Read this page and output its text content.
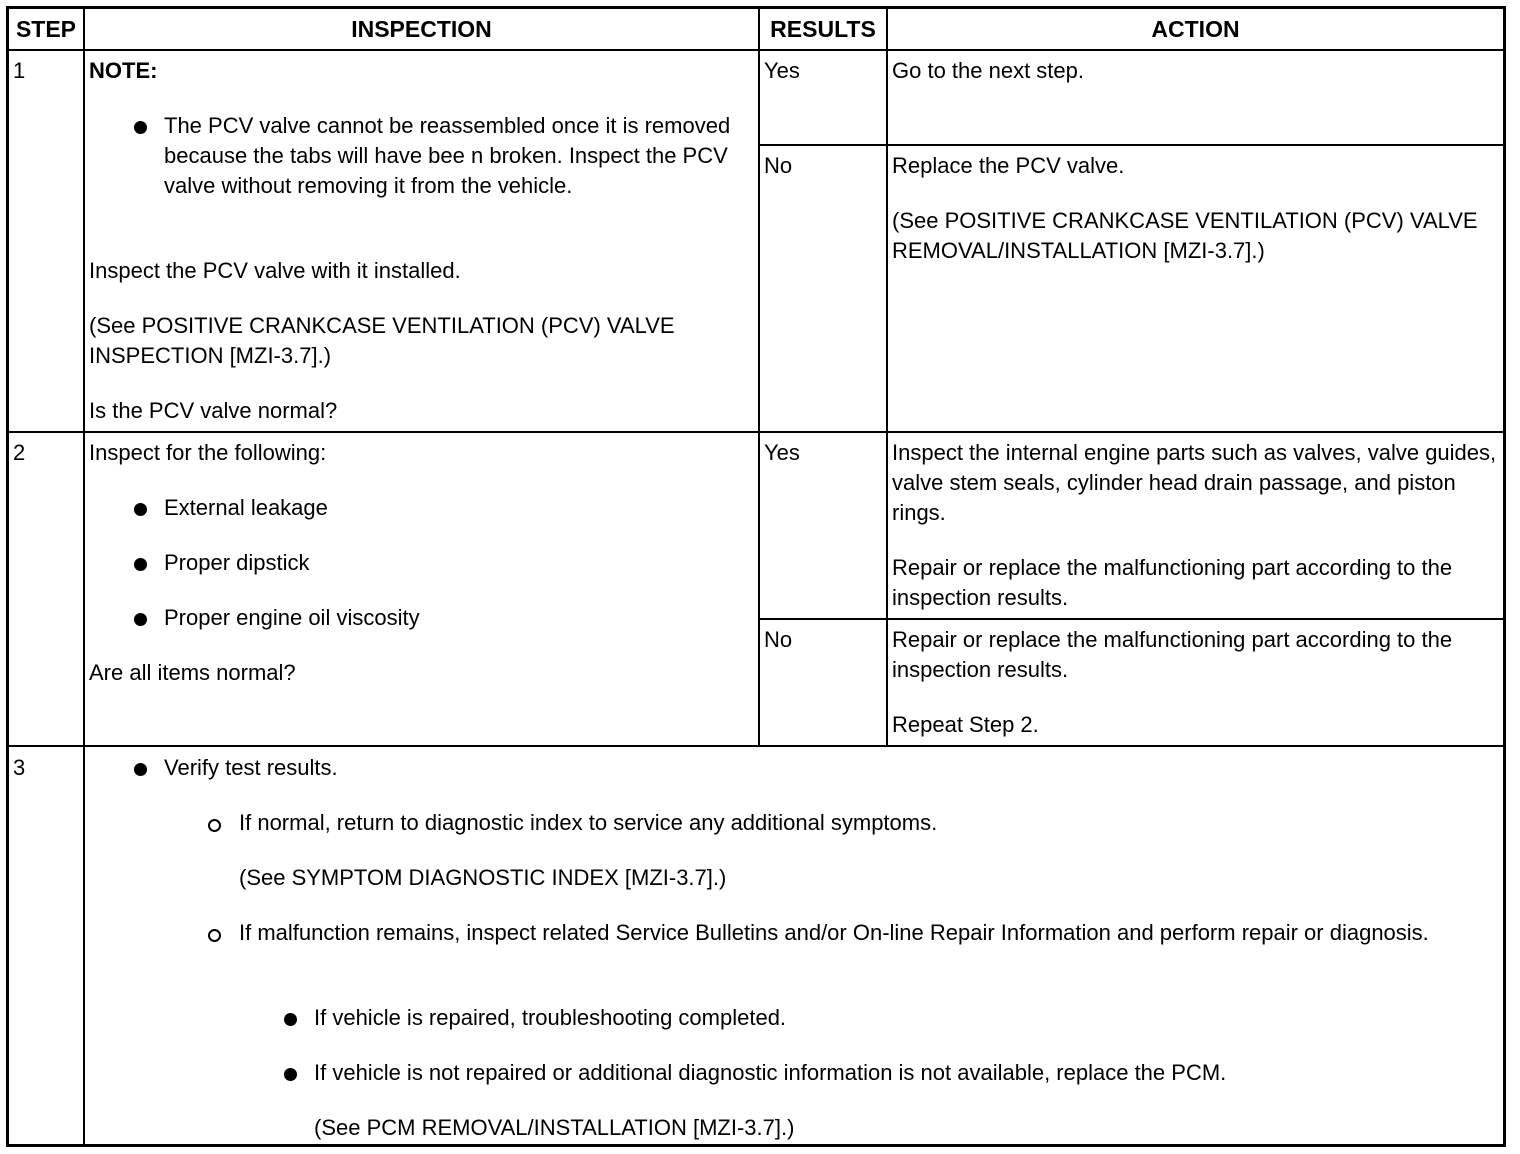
STEP	INSPECTION	RESULTS	ACTION
1	NOTE:
The PCV valve cannot be reassembled once it is removed because the tabs will have bee n broken. Inspect the PCV valve without removing it from the vehicle.
Inspect the PCV valve with it installed.
(See POSITIVE CRANKCASE VENTILATION (PCV) VALVE INSPECTION [MZI-3.7].)
Is the PCV valve normal?
Yes	Go to the next step.
No	Replace the PCV valve.
(See POSITIVE CRANKCASE VENTILATION (PCV) VALVE REMOVAL/INSTALLATION [MZI-3.7].)
2	Inspect for the following:
External leakage
Proper dipstick
Proper engine oil viscosity
Are all items normal?
Yes	Inspect the internal engine parts such as valves, valve guides, valve stem seals, cylinder head drain passage, and piston rings.
Repair or replace the malfunctioning part according to the inspection results.
No	Repair or replace the malfunctioning part according to the inspection results.
Repeat Step 2.
3	Verify test results.
If normal, return to diagnostic index to service any additional symptoms.
(See SYMPTOM DIAGNOSTIC INDEX [MZI-3.7].)
If malfunction remains, inspect related Service Bulletins and/or On-line Repair Information and perform repair or diagnosis.
If vehicle is repaired, troubleshooting completed.
If vehicle is not repaired or additional diagnostic information is not available, replace the PCM.
(See PCM REMOVAL/INSTALLATION [MZI-3.7].)
